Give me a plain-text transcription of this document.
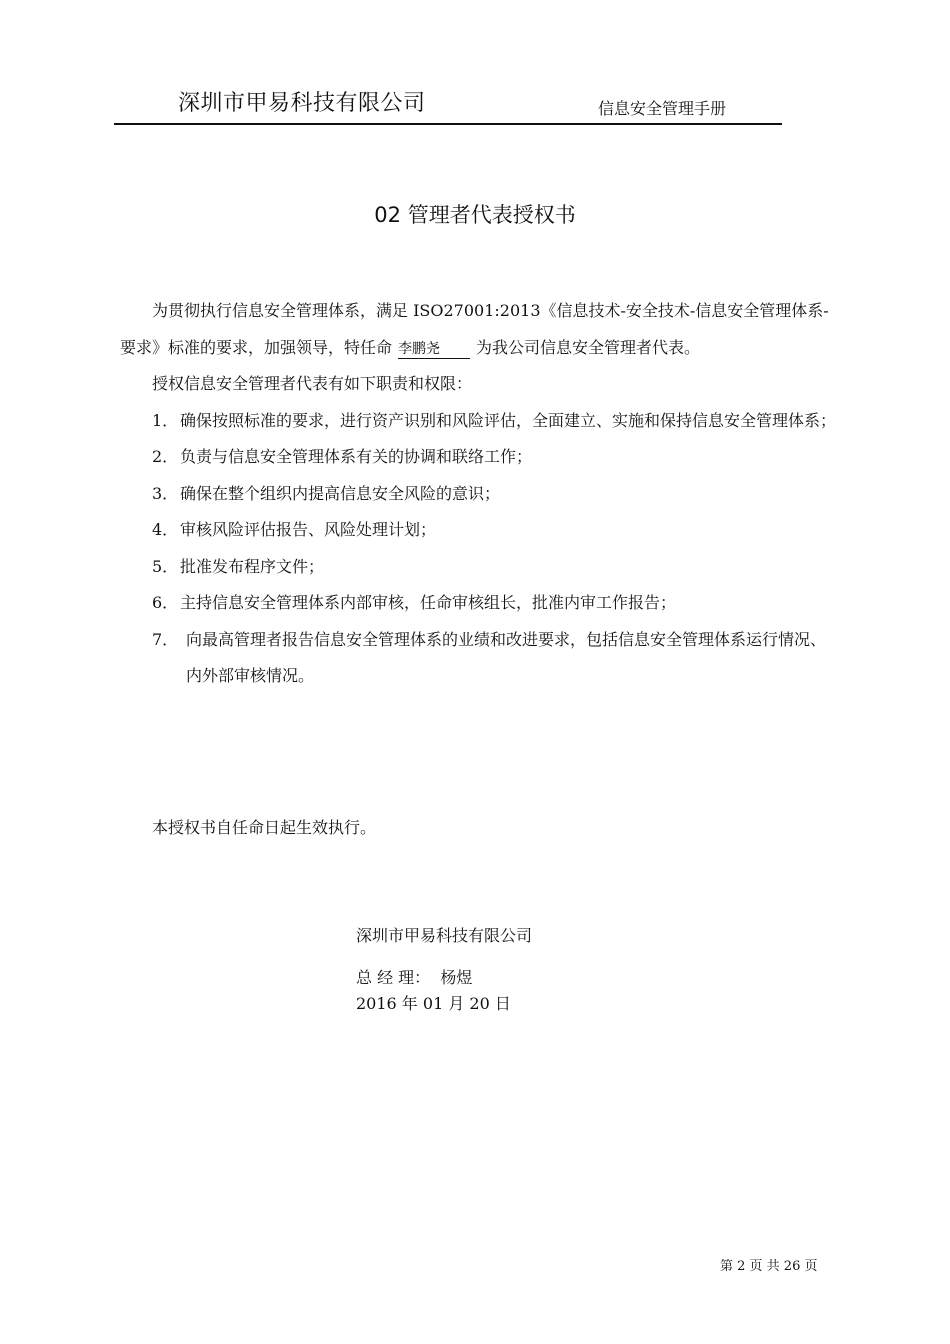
深圳市甲易科技有限公司	信息安全管理手册
02 管理者代表授权书

为贯彻执行信息安全管理体系，满足 ISO27001:2013《信息技术-安全技术-信息安全管理体系-要求》标准的要求，加强领导，特任命 李鹏尧 为我公司信息安全管理者代表。

授权信息安全管理者代表有如下职责和权限：

1． 确保按照标准的要求，进行资产识别和风险评估，全面建立、实施和保持信息安全管理体系；
2． 负责与信息安全管理体系有关的协调和联络工作；
3． 确保在整个组织内提高信息安全风险的意识；
4． 审核风险评估报告、风险处理计划；
5． 批准发布程序文件；
6． 主持信息安全管理体系内部审核，任命审核组长，批准内审工作报告；
7． 向最高管理者报告信息安全管理体系的业绩和改进要求，包括信息安全管理体系运行情况、内外部审核情况。
本授权书自任命日起生效执行。
深圳市甲易科技有限公司
总 经 理： 杨煜
2016 年 01 月 20 日
第 2 页 共 26 页
